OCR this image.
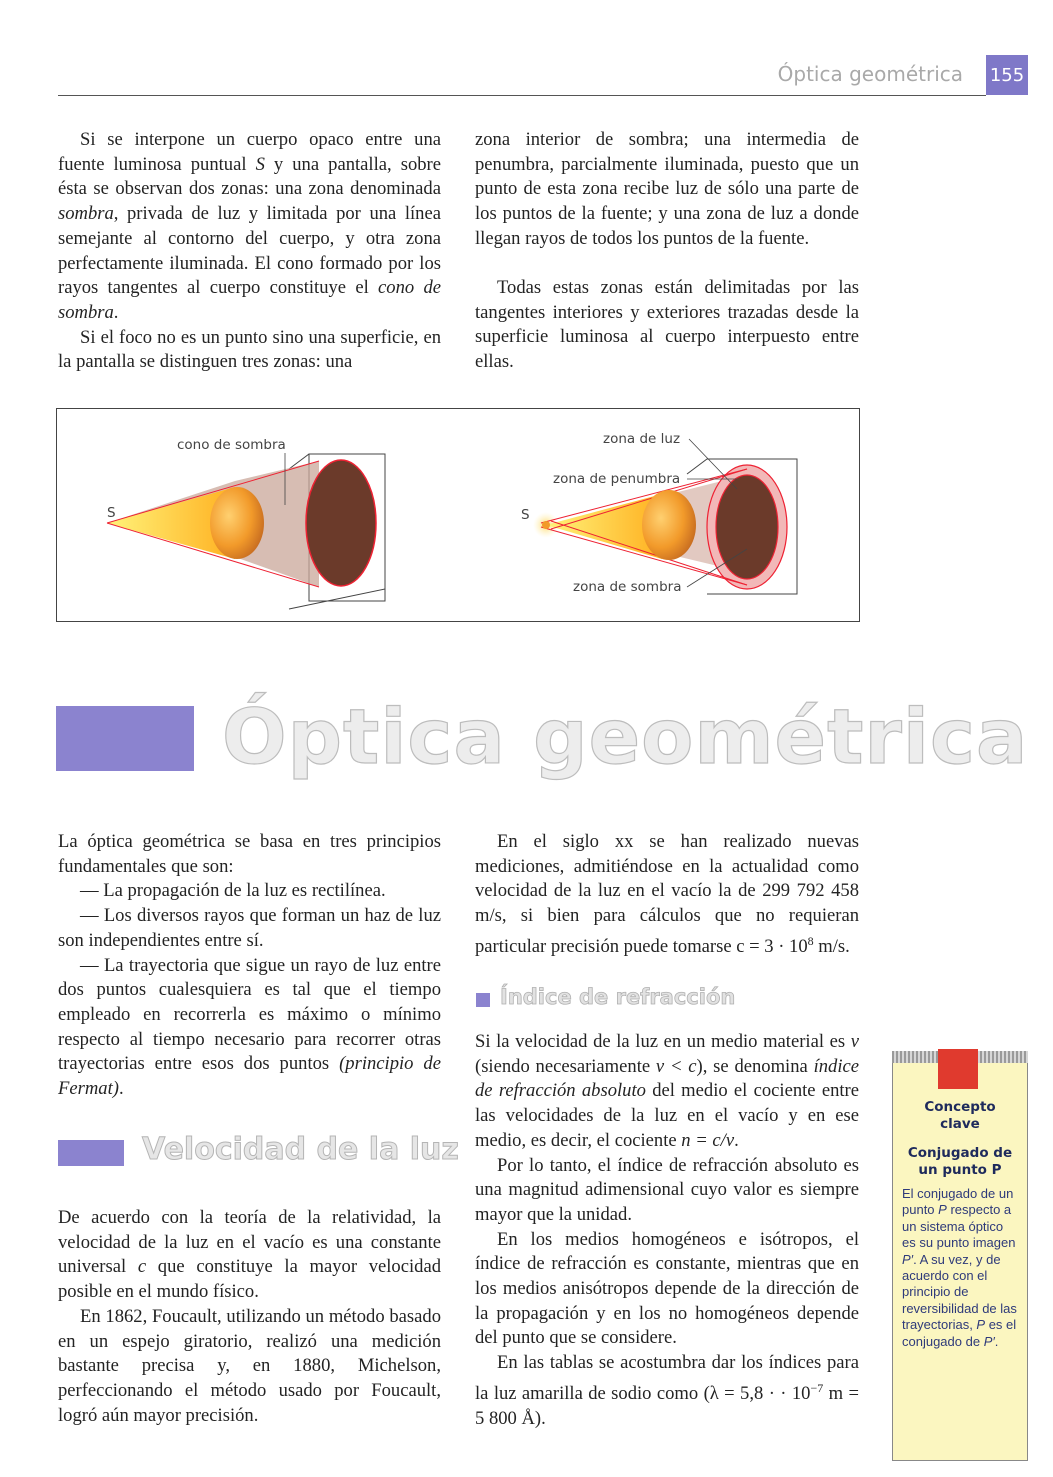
Óptica geométrica 155

Si se interpone un cuerpo opaco entre una fuente luminosa puntual S y una pantalla, sobre ésta se observan dos zonas: una zona denominada sombra, privada de luz y limitada por una línea semejante al contorno del cuerpo, y otra zona perfectamente iluminada. El cono formado por los rayos tangentes al cuerpo constituye el cono de sombra.

Si el foco no es un punto sino una superficie, en la pantalla se distinguen tres zonas: una

zona interior de sombra; una intermedia de penumbra, parcialmente iluminada, puesto que un punto de esta zona recibe luz de sólo una parte de los puntos de la fuente; y una zona de luz a donde llegan rayos de todos los puntos de la fuente.

Todas estas zonas están delimitadas por las tangentes interiores y exteriores trazadas desde la superficie luminosa al cuerpo interpuesto entre ellas.

S
cono de sombra
S
zona de luz
zona de penumbra
zona de sombra
Óptica geométrica

La óptica geométrica se basa en tres principios fundamentales que son:

— La propagación de la luz es rectilínea.

— Los diversos rayos que forman un haz de luz son independientes entre sí.

— La trayectoria que sigue un rayo de luz entre dos puntos cualesquiera es tal que el tiempo empleado en recorrerla es máximo o mínimo respecto al tiempo necesario para recorrer otras trayectorias entre esos dos puntos (principio de Fermat).

Velocidad de la luz

De acuerdo con la teoría de la relatividad, la velocidad de la luz en el vacío es una constante universal c que constituye la mayor velocidad posible en el mundo físico.

En 1862, Foucault, utilizando un método basado en un espejo giratorio, realizó una medición bastante precisa y, en 1880, Michelson, perfeccionando el método usado por Foucault, logró aún mayor precisión.

En el siglo xx se han realizado nuevas mediciones, admitiéndose en la actualidad como velocidad de la luz en el vacío la de 299 792 458 m/s, si bien para cálculos que no requieran particular precisión puede tomarse $c = 3 \cdot 10^8$ m/s.

Índice de refracción

Si la velocidad de la luz en un medio material es v (siendo necesariamente v < c), se denomina índice de refracción absoluto del medio el cociente entre las velocidades de la luz en el vacío y en ese medio, es decir, el cociente n = c/v.

Por lo tanto, el índice de refracción absoluto es una magnitud adimensional cuyo valor es siempre mayor que la unidad.

En los medios homogéneos e isótropos, el índice de refracción es constante, mientras que en los medios anisótropos depende de la dirección de la propagación y en los no homogéneos depende del punto que se considere.

En las tablas se acostumbra dar los índices para la luz amarilla de sodio como (λ = 5,8 · · $10^{-7}$ m = 5 800 Å).

Concepto
clave
Conjugado de
un punto P
El conjugado de un punto P respecto a un sistema óptico es su punto imagen P′. A su vez, y de acuerdo con el principio de reversibilidad de las trayectorias, P es el conjugado de P′.
